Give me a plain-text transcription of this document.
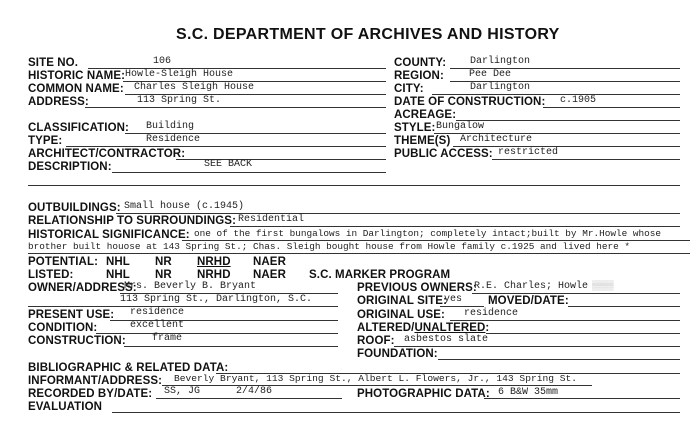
S.C. DEPARTMENT OF ARCHIVES AND HISTORY
SITE NO.	106
HISTORIC NAME: Howle-Sleigh House
COMMON NAME: Charles Sleigh House
ADDRESS:	113 Spring St.
CLASSIFICATION: Building
TYPE:	Residence
ARCHITECT/CONTRACTOR:
DESCRIPTION:	SEE BACK
COUNTY: Darlington
REGION:	Pee Dee
CITY:	Darlington
DATE OF CONSTRUCTION: c.1905
ACREAGE:
STYLE: Bungalow
THEME(S) Architecture
PUBLIC ACCESS: restricted
OUTBUILDINGS: Small house (c.1945)
RELATIONSHIP TO SURROUNDINGS: Residential
HISTORICAL SIGNIFICANCE: one of the first bungalows in Darlington; completely intact;built by Mr.Howle whose
brother built houose at 143 Spring St.; Chas. Sleigh bought house from Howle family c.1925 and lived here *
POTENTIAL: NHL NR NRHD NAER
LISTED:	NHL NR NRHD NAER S.C. MARKER PROGRAM
OWNER/ADDRESS:
Mrs. Beverly B. Bryant
113 Spring St., Darlington, S.C.
PRESENT USE: residence
CONDITION:	excellent
CONSTRUCTION:	frame
PREVIOUS OWNERS:
R.E. Charles; Howle ▒▒▒▒
ORIGINAL SITE:
yes MOVED/DATE:
ORIGINAL USE: residence
ALTERED/UNALTERED:
ROOF: asbestos slate
FOUNDATION:
BIBLIOGRAPHIC & RELATED DATA:
INFORMANT/ADDRESS: Beverly Bryant, 113 Spring St., Albert L. Flowers, Jr., 143 Spring St.
RECORDED BY/DATE: SS, JG	2/4/86	PHOTOGRAPHIC DATA: 6 B&W 35mm
EVALUATION
